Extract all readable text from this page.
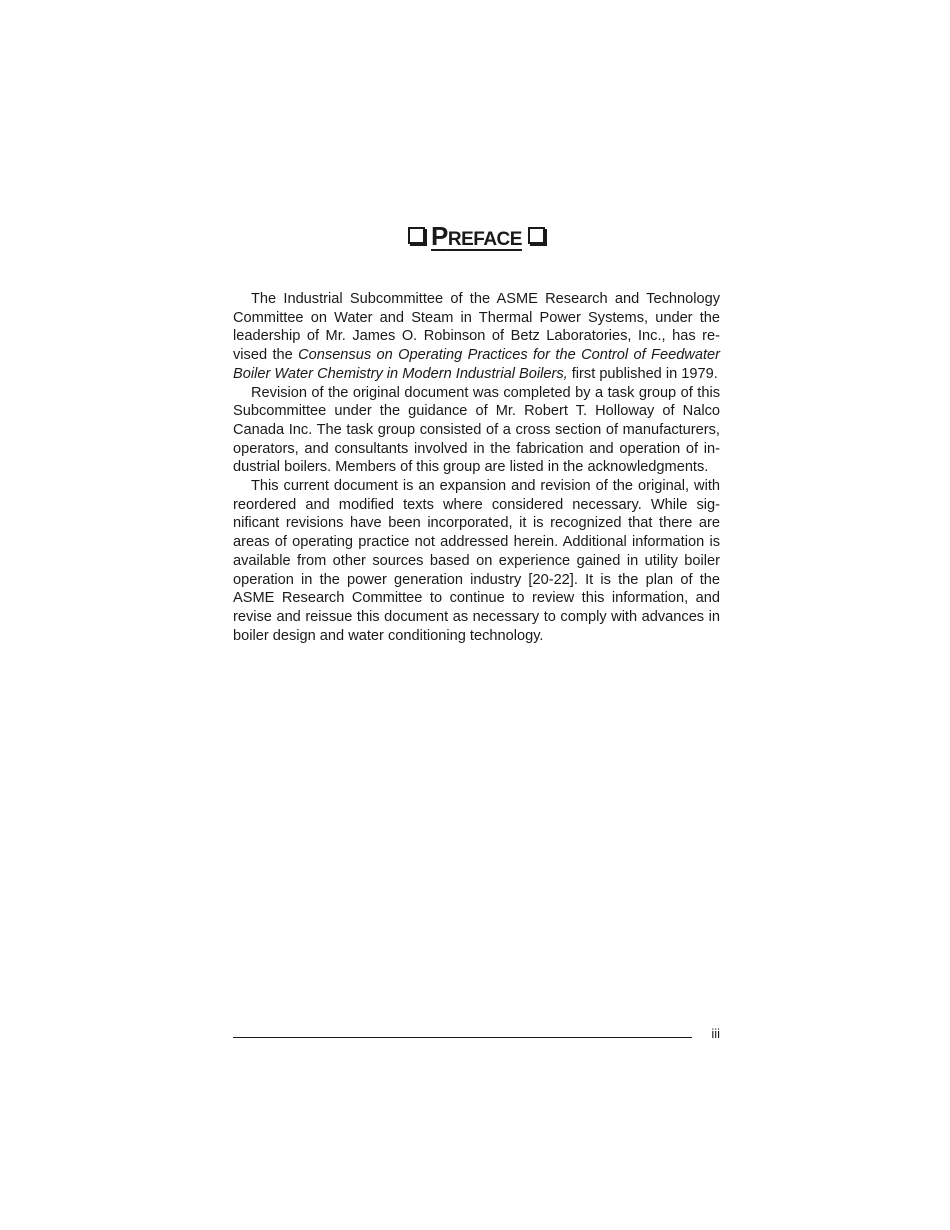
PREFACE

The Industrial Subcommittee of the ASME Research and Technology Committee on Water and Steam in Thermal Power Systems, under the leadership of Mr. James O. Robinson of Betz Laboratories, Inc., has revised the Consensus on Operating Practices for the Control of Feedwater Boiler Water Chemistry in Modern Industrial Boilers, first published in 1979.

Revision of the original document was completed by a task group of this Subcommittee under the guidance of Mr. Robert T. Holloway of Nalco Canada Inc. The task group consisted of a cross section of manufacturers, operators, and consultants involved in the fabrication and operation of industrial boilers. Members of this group are listed in the acknowledgments.

This current document is an expansion and revision of the original, with reordered and modified texts where considered necessary. While significant revisions have been incorporated, it is recognized that there are areas of operating practice not addressed herein. Additional information is available from other sources based on experience gained in utility boiler operation in the power generation industry [20-22]. It is the plan of the ASME Research Committee to continue to review this information, and revise and reissue this document as necessary to comply with advances in boiler design and water conditioning technology.

iii
